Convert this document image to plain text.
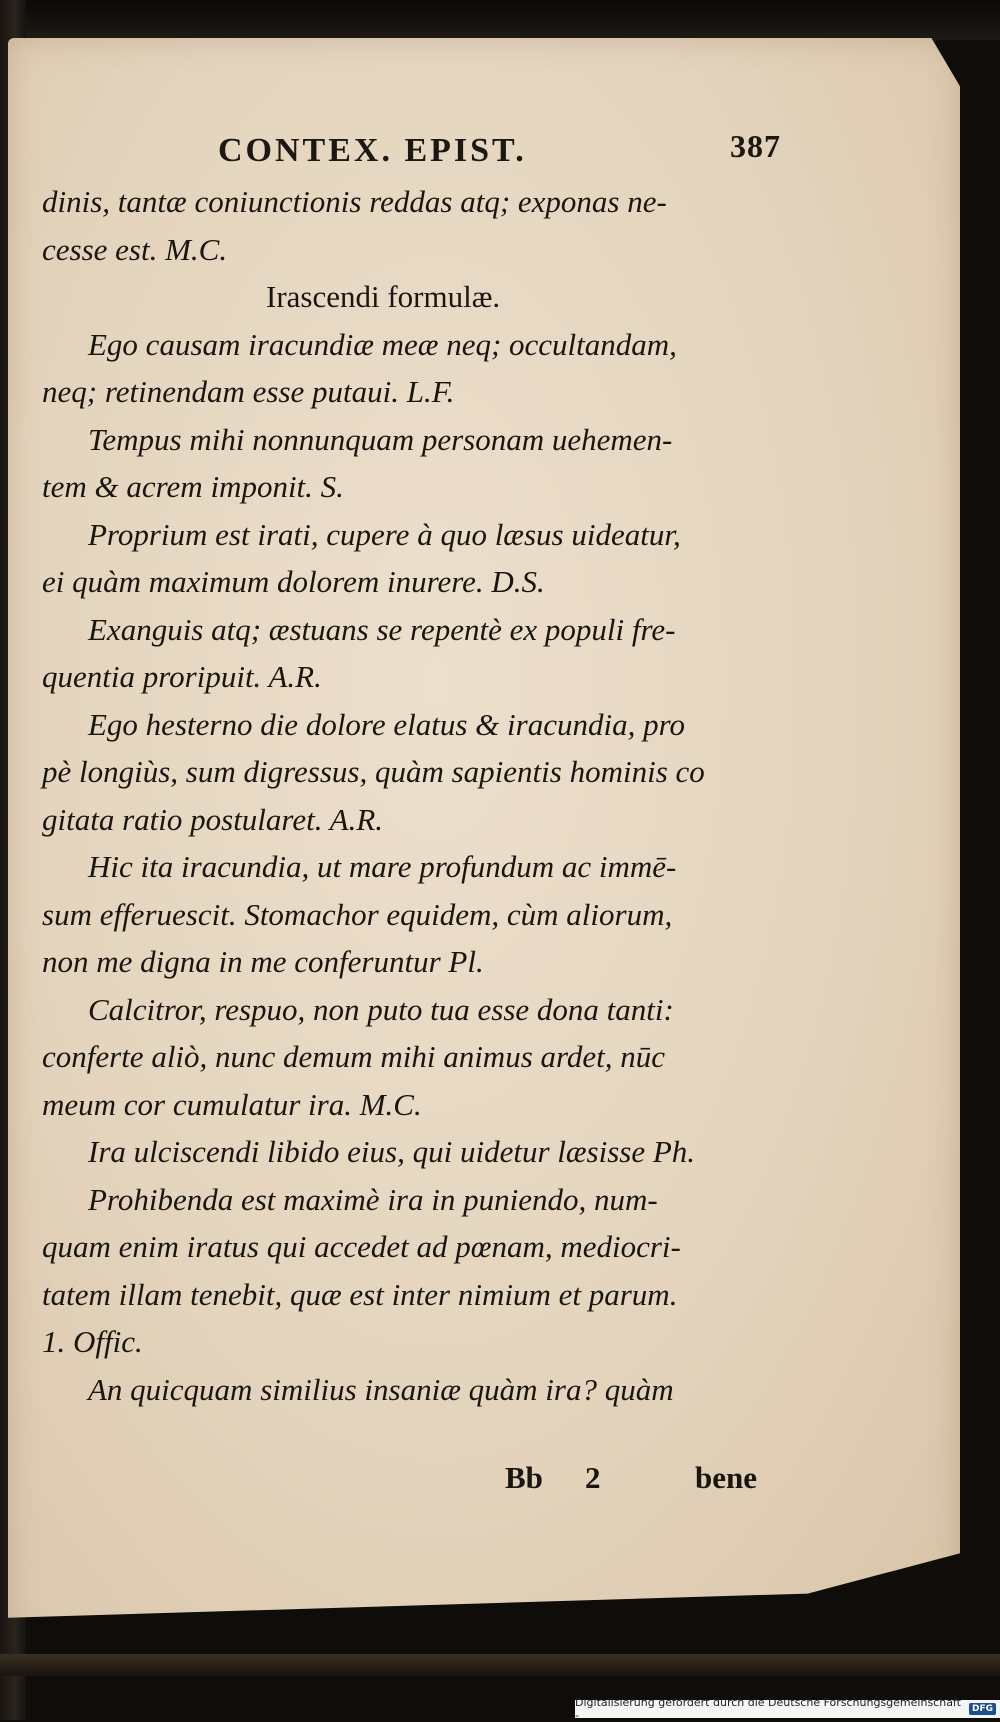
CONTEX. EPIST.	387
dinis, tantæ coniunctionis reddas atq; exponas ne-
cesse est. M.C.
Irascendi formulæ.
Ego causam iracundiæ meæ neq; occultandam,
neq; retinendam esse putaui. L.F.
Tempus mihi nonnunquam personam uehemen-
tem & acrem imponit. S.
Proprium est irati, cupere à quo læsus uideatur,
ei quàm maximum dolorem inurere. D.S.
Exanguis atq; æstuans se repentè ex populi fre-
quentia proripuit. A.R.
Ego hesterno die dolore elatus & iracundia, pro
pè longiùs, sum digressus, quàm sapientis hominis co
gitata ratio postularet. A.R.
Hic ita iracundia, ut mare profundum ac immē-
sum efferuescit. Stomachor equidem, cùm aliorum,
non me digna in me conferuntur Pl.
Calcitror, respuo, non puto tua esse dona tanti:
conferte aliò, nunc demum mihi animus ardet, nūc
meum cor cumulatur ira. M.C.
Ira ulciscendi libido eius, qui uidetur læsisse Ph.
Prohibenda est maximè ira in puniendo, num-
quam enim iratus qui accedet ad pœnam, mediocri-
tatem illam tenebit, quæ est inter nimium et parum.
1. Offic.
An quicquam similius insaniæ quàm ira? quàm
Bb 2	bene
Digitalisierung gefördert durch die Deutsche Forschungsgemeinschaft -	DFG
